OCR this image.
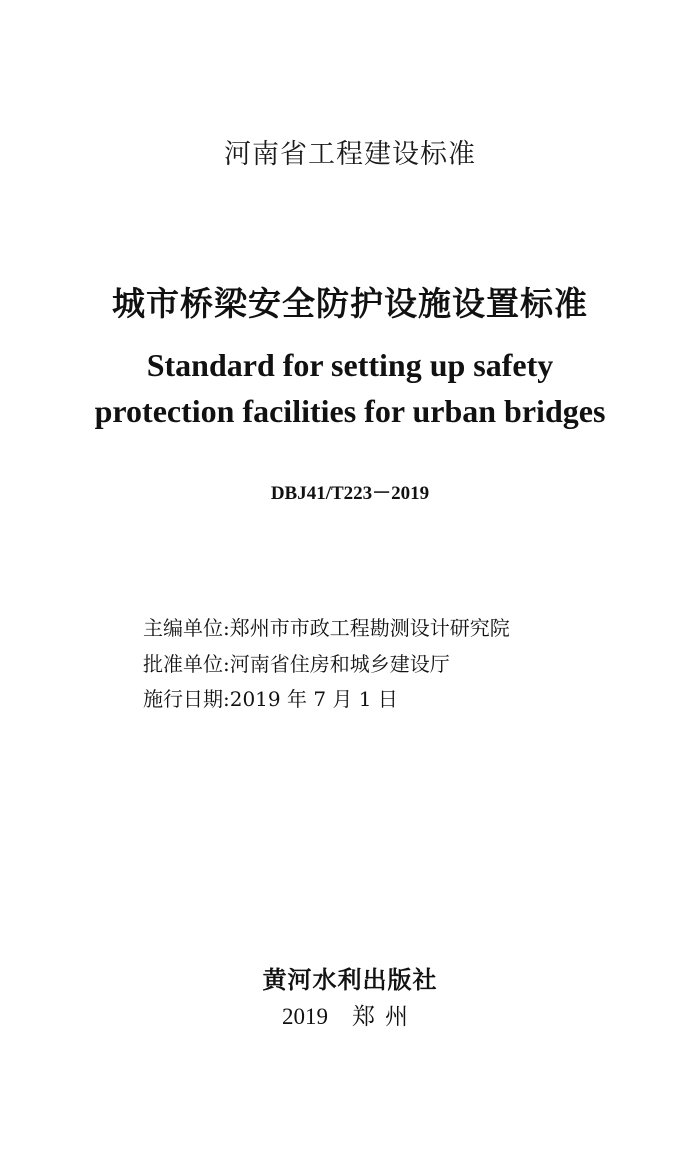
河南省工程建设标准
城市桥梁安全防护设施设置标准
Standard for setting up safety
protection facilities for urban bridges
DBJ41/T223－2019
主编单位:郑州市市政工程勘测设计研究院
批准单位:河南省住房和城乡建设厅
施行日期:2019 年 7 月 1 日
黄河水利出版社
2019 郑州
